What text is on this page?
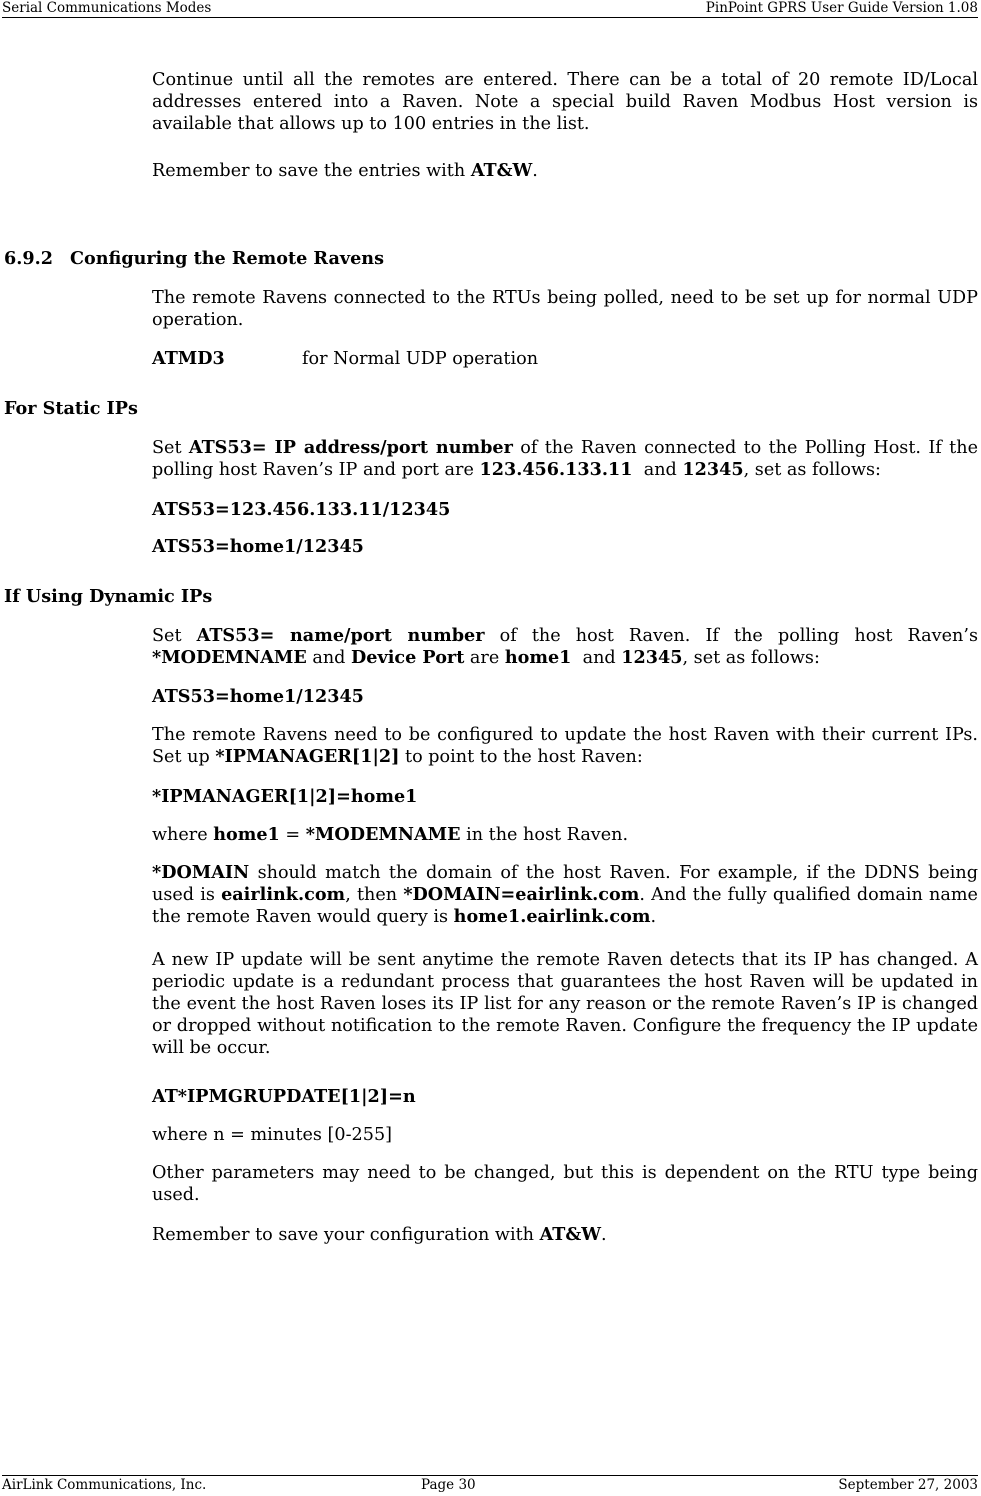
Serial Communications Modes	PinPoint GPRS User Guide Version 1.08

Continue until all the remotes are entered. There can be a total of 20 remote ID/Local addresses entered into a Raven. Note a special build Raven Modbus Host version is available that allows up to 100 entries in the list.

Remember to save the entries with AT&W.

6.9.2 Configuring the Remote Ravens

The remote Ravens connected to the RTUs being polled, need to be set up for normal UDP operation.

ATMD3	for Normal UDP operation

For Static IPs

Set ATS53= IP address/port number of the Raven connected to the Polling Host. If the polling host Raven’s IP and port are 123.456.133.11  and 12345, set as follows:

ATS53=123.456.133.11/12345

ATS53=home1/12345

If Using Dynamic IPs

Set ATS53= name/port number of the host Raven. If the polling host Raven’s *MODEMNAME and Device Port are home1  and 12345, set as follows:

ATS53=home1/12345

The remote Ravens need to be configured to update the host Raven with their current IPs. Set up *IPMANAGER[1|2] to point to the host Raven:

*IPMANAGER[1|2]=home1

where home1 = *MODEMNAME in the host Raven.

*DOMAIN should match the domain of the host Raven. For example, if the DDNS being used is eairlink.com, then *DOMAIN=eairlink.com. And the fully qualified domain name the remote Raven would query is home1.eairlink.com.

A new IP update will be sent anytime the remote Raven detects that its IP has changed. A periodic update is a redundant process that guarantees the host Raven will be updated in the event the host Raven loses its IP list for any reason or the remote Raven’s IP is changed or dropped without notification to the remote Raven. Configure the frequency the IP update will be occur.

AT*IPMGRUPDATE[1|2]=n

where n = minutes [0-255]

Other parameters may need to be changed, but this is dependent on the RTU type being used.

Remember to save your configuration with AT&W.

AirLink Communications, Inc.	Page 30	September 27, 2003
